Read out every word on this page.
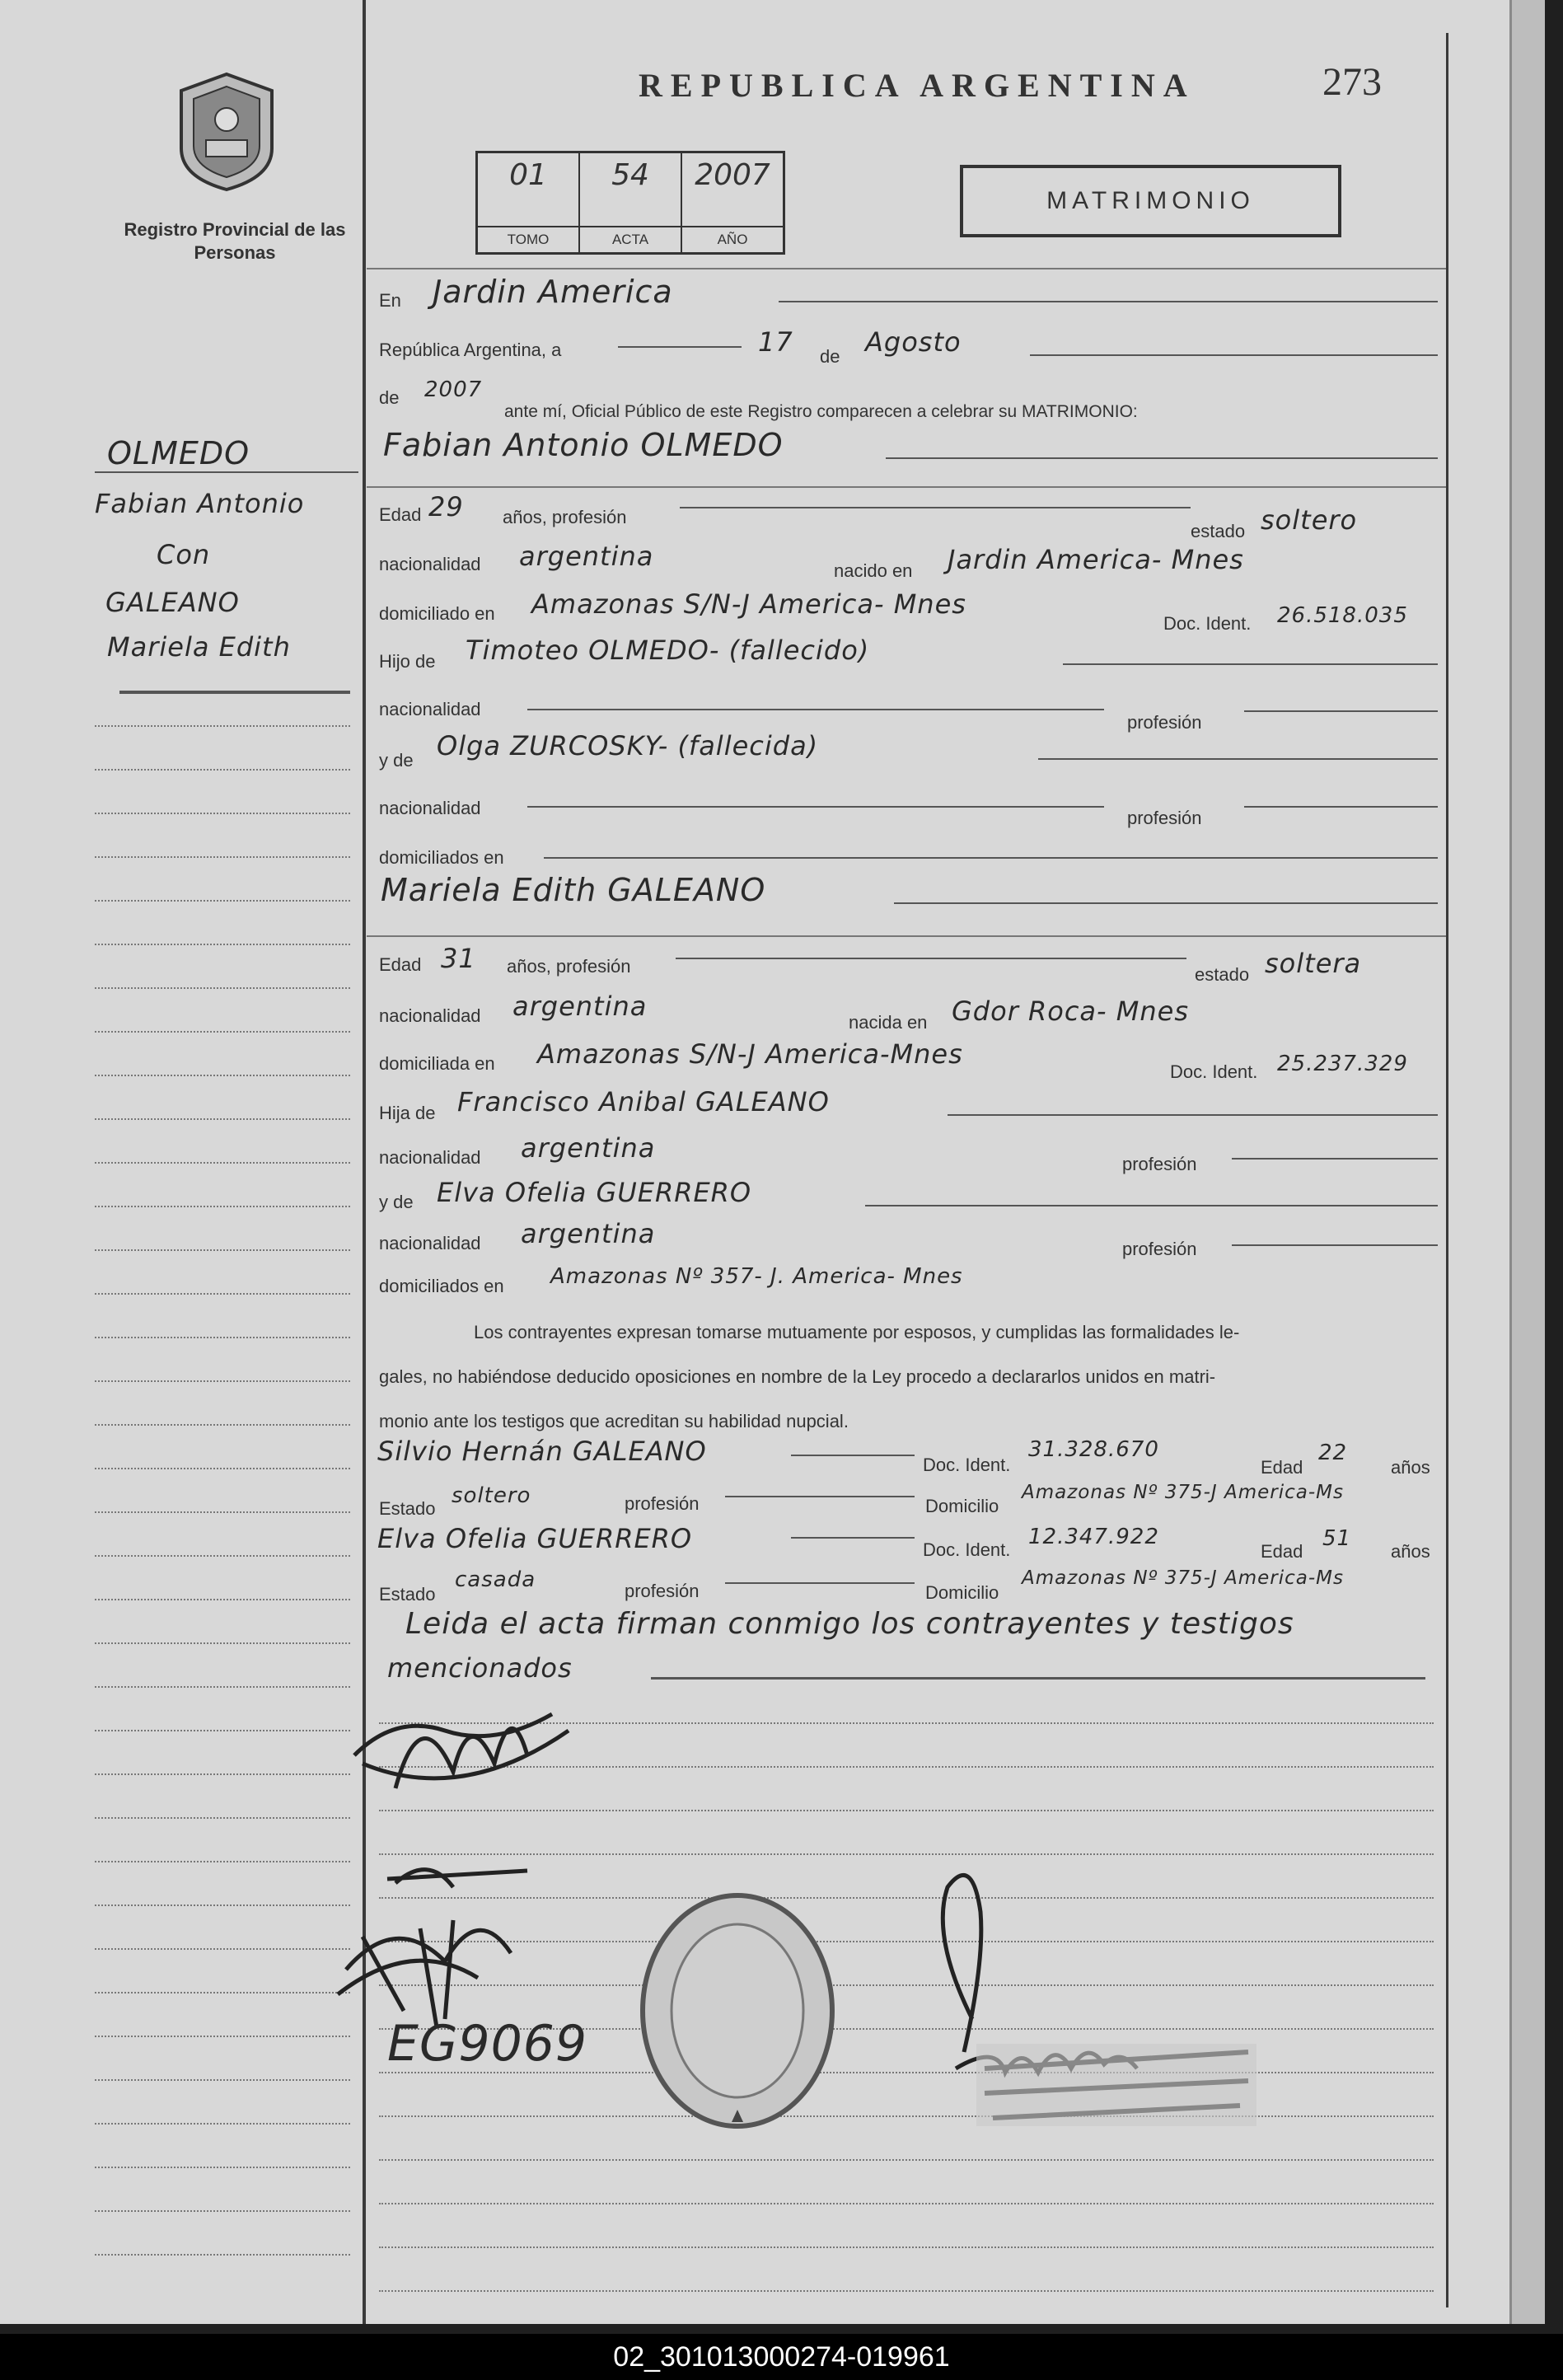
Registro Provincial de las Personas
REPUBLICA ARGENTINA	273
01
TOMO
54
ACTA
2007
AÑO
MATRIMONIO
OLMEDO
Fabian Antonio
Con
GALEANO
Mariela Edith
En Jardin America
República Argentina, a	17 de Agosto
de 2007
ante mí, Oficial Público de este Registro comparecen a celebrar su MATRIMONIO:
Fabian Antonio OLMEDO
Edad 29 años, profesión
estado soltero
nacionalidad argentina	nacido en Jardin America- Mnes
domiciliado en Amazonas S/N-J America- Mnes
Doc. Ident. 26.518.035
Hijo de Timoteo OLMEDO- (fallecido)
nacionalidad
profesión
y de Olga ZURCOSKY- (fallecida)
nacionalidad	profesión
domiciliados en
Mariela Edith GALEANO
Edad 31 años, profesión	estado soltera
nacionalidad argentina
nacida en Gdor Roca- Mnes
domiciliada en Amazonas S/N-J America-Mnes
Doc. Ident. 25.237.329
Hija de Francisco Anibal GALEANO
nacionalidad argentina
profesión
y de Elva Ofelia GUERRERO
nacionalidad argentina	profesión
domiciliados en Amazonas Nº 357- J. America- Mnes
Los contrayentes expresan tomarse mutuamente por esposos, y cumplidas las formalidades le-
gales, no habiéndose deducido oposiciones en nombre de la Ley procedo a declararlos unidos en matri-
monio ante los testigos que acreditan su habilidad nupcial.
Silvio Hernán GALEANO	Doc. Ident.
31.328.670
Edad
22
años
Estado
soltero	profesión	Domicilio
Amazonas Nº 375-J America-Ms
Elva Ofelia GUERRERO	Doc. Ident.
12.347.922
Edad
51
años
Estado
casada	profesión	Domicilio
Amazonas Nº 375-J America-Ms
Leida el acta firman conmigo los contrayentes y testigos
mencionados
EG9069
02_301013000274-019961
